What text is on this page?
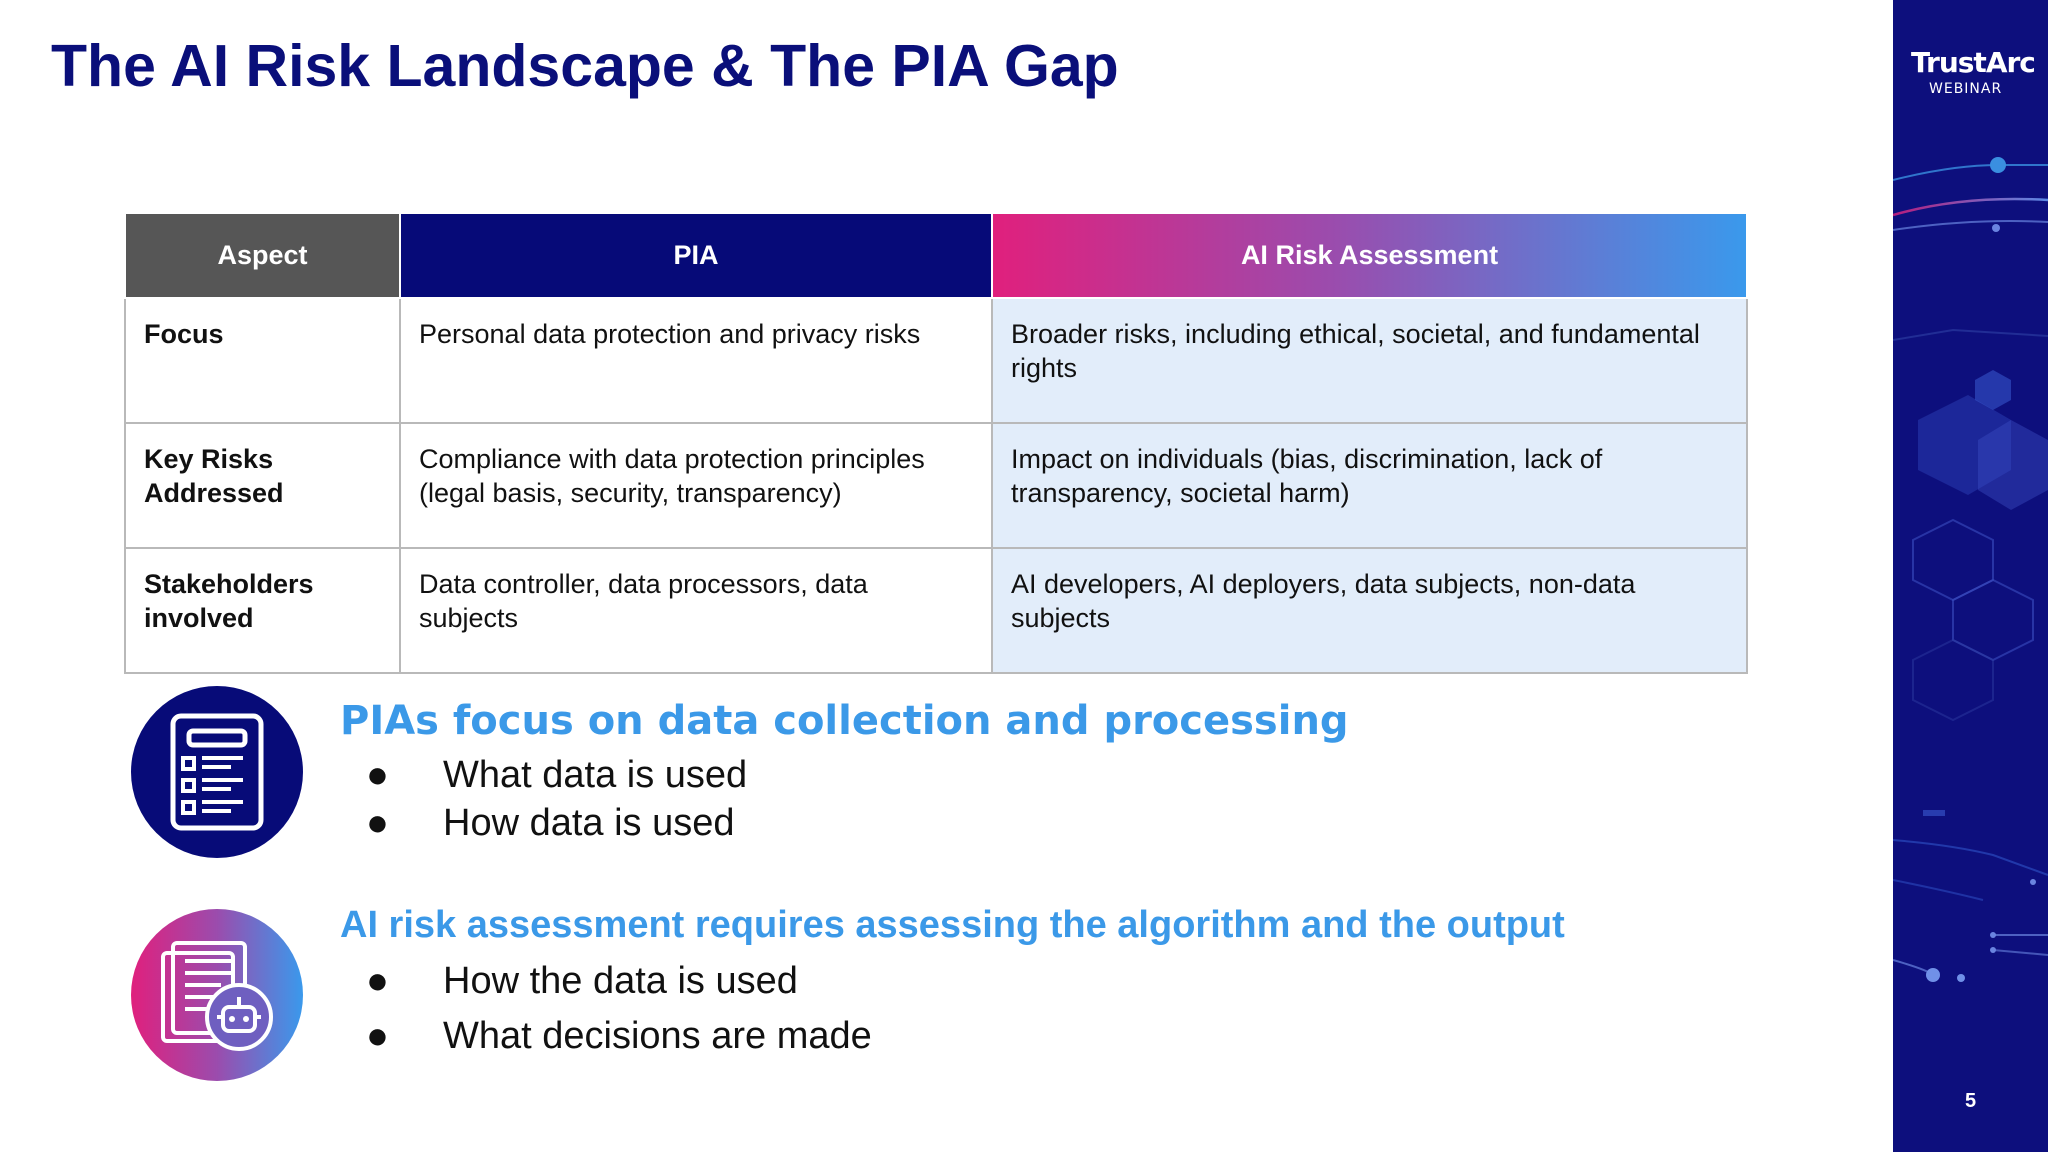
The AI Risk Landscape & The PIA Gap
Aspect	PIA	AI Risk Assessment
Focus	Personal data protection and privacy risks	Broader risks, including ethical, societal, and fundamental rights
Key Risks Addressed	Compliance with data protection principles (legal basis, security, transparency)	Impact on individuals (bias, discrimination, lack of transparency, societal harm)
Stakeholders involved	Data controller, data processors, data subjects	AI developers, AI deployers, data subjects, non-data subjects
PIAs focus on data collection and processing
● What data is used
● How data is used
AI risk assessment requires assessing the algorithm and the output
● How the data is used
● What decisions are made
TrustArc
WEBINAR
5
